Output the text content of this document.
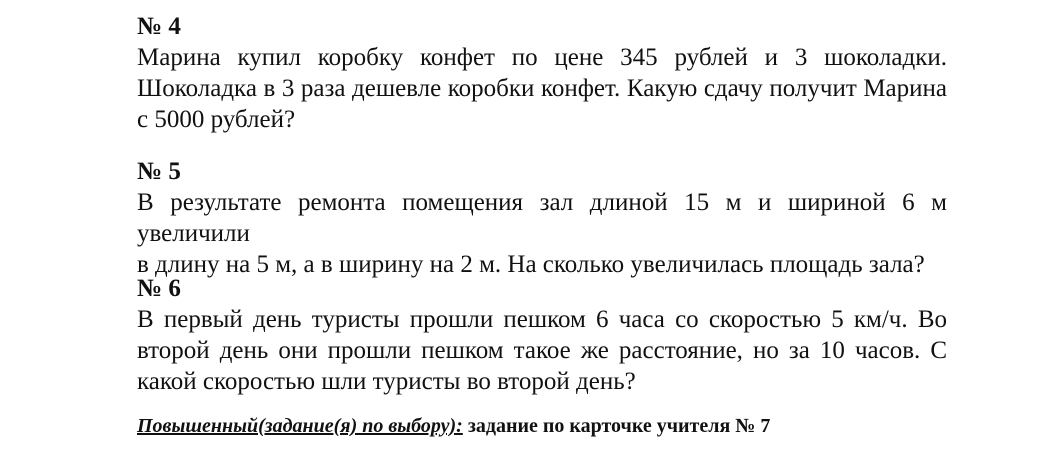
№ 4

Марина купил коробку конфет по цене 345 рублей и 3 шоколадки.
Шоколадка в 3 раза дешевле коробки конфет. Какую сдачу получит Марина
с 5000 рублей?

№ 5

В результате ремонта помещения зал длиной 15 м и шириной 6 м увеличили
в длину на 5 м, а в ширину на 2 м. На сколько увеличилась площадь зала?

№ 6

В первый день туристы прошли пешком 6 часа со скоростью 5 км/ч. Во
второй день они прошли пешком такое же расстояние, но за 10 часов. С
какой скоростью шли туристы во второй день?

Повышенный(задание(я) по выбору): задание по карточке учителя № 7
